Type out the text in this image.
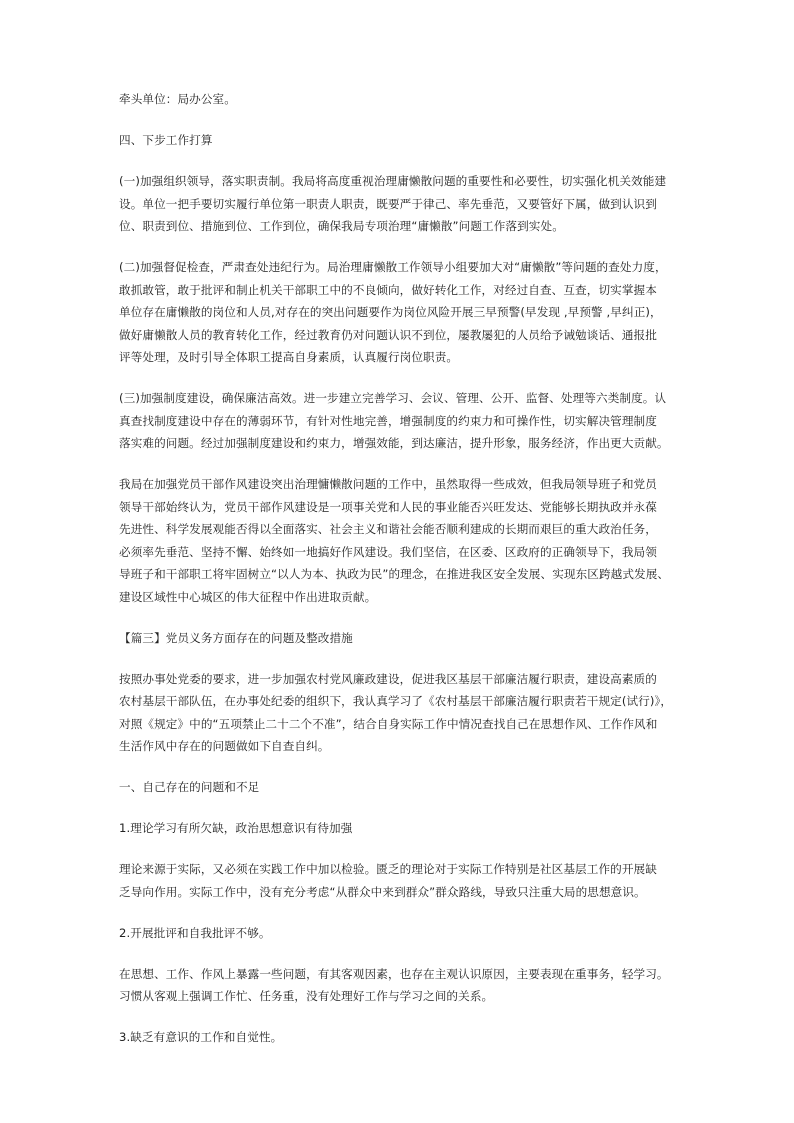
牵头单位：局办公室。

四、下步工作打算

(一)加强组织领导，落实职责制。我局将高度重视治理庸懒散问题的重要性和必要性，切实强化机关效能建
设。单位一把手要切实履行单位第一职责人职责，既要严于律己、率先垂范，又要管好下属，做到认识到
位、职责到位、措施到位、工作到位，确保我局专项治理“庸懒散”问题工作落到实处。

(二)加强督促检查，严肃查处违纪行为。局治理庸懒散工作领导小组要加大对“庸懒散”等问题的查处力度，
敢抓敢管，敢于批评和制止机关干部职工中的不良倾向，做好转化工作，对经过自查、互查，切实掌握本
单位存在庸懒散的岗位和人员,对存在的突出问题要作为岗位风险开展三早预警(早发现 ,早预警 ,早纠正)，
做好庸懒散人员的教育转化工作，经过教育仍对问题认识不到位，屡教屡犯的人员给予诫勉谈话、通报批
评等处理，及时引导全体职工提高自身素质，认真履行岗位职责。

(三)加强制度建设，确保廉洁高效。进一步建立完善学习、会议、管理、公开、监督、处理等六类制度。认
真查找制度建设中存在的薄弱环节，有针对性地完善，增强制度的约束力和可操作性，切实解决管理制度
落实难的问题。经过加强制度建设和约束力，增强效能，到达廉洁，提升形象，服务经济，作出更大贡献。

我局在加强党员干部作风建设突出治理慵懒散问题的工作中，虽然取得一些成效，但我局领导班子和党员
领导干部始终认为，党员干部作风建设是一项事关党和人民的事业能否兴旺发达、党能够长期执政并永葆
先进性、科学发展观能否得以全面落实、社会主义和谐社会能否顺利建成的长期而艰巨的重大政治任务，
必须率先垂范、坚持不懈、始终如一地搞好作风建设。我们坚信，在区委、区政府的正确领导下，我局领
导班子和干部职工将牢固树立“以人为本、执政为民”的理念，在推进我区安全发展、实现东区跨越式发展、
建设区域性中心城区的伟大征程中作出进取贡献。

【篇三】党员义务方面存在的问题及整改措施

按照办事处党委的要求，进一步加强农村党风廉政建设，促进我区基层干部廉洁履行职责，建设高素质的
农村基层干部队伍，在办事处纪委的组织下，我认真学习了《农村基层干部廉洁履行职责若干规定(试行)》，
对照《规定》中的“五项禁止二十二个不准”，结合自身实际工作中情况查找自己在思想作风、工作作风和
生活作风中存在的问题做如下自查自纠。

一、自己存在的问题和不足

1.理论学习有所欠缺，政治思想意识有待加强

理论来源于实际，又必须在实践工作中加以检验。匮乏的理论对于实际工作特别是社区基层工作的开展缺
乏导向作用。实际工作中，没有充分考虑“从群众中来到群众”群众路线，导致只注重大局的思想意识。

2.开展批评和自我批评不够。

在思想、工作、作风上暴露一些问题，有其客观因素，也存在主观认识原因，主要表现在重事务，轻学习。
习惯从客观上强调工作忙、任务重，没有处理好工作与学习之间的关系。

3.缺乏有意识的工作和自觉性。
